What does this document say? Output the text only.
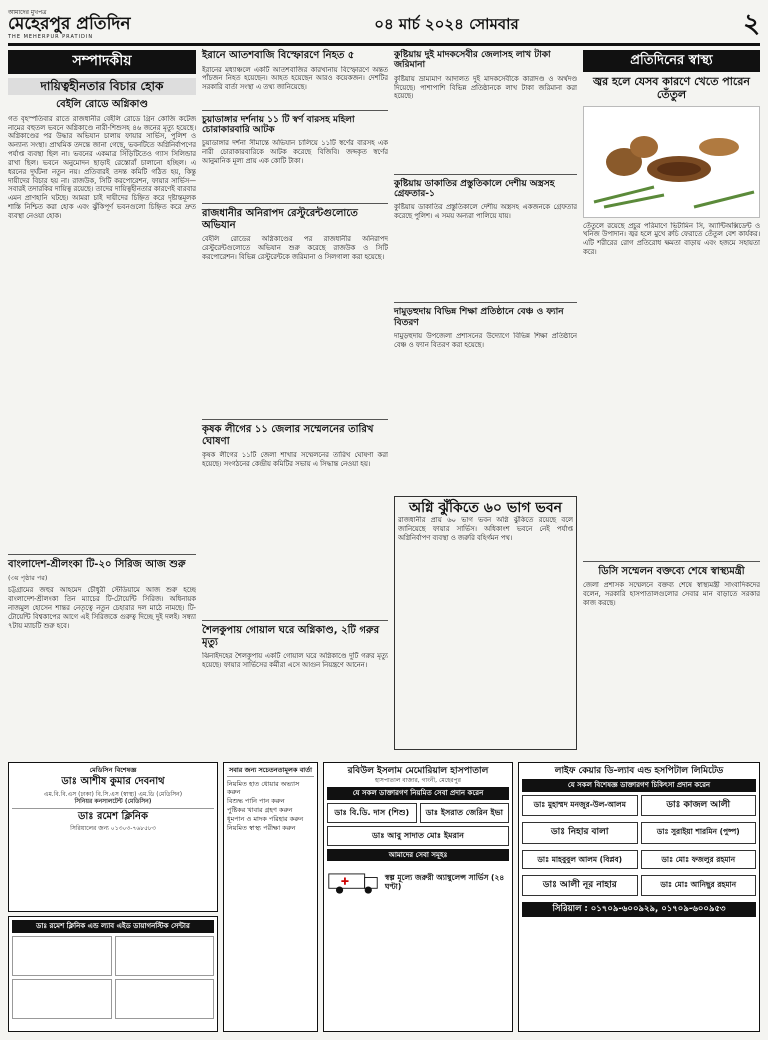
আমাদের মুখপত্র
মেহেরপুর প্রতিদিন
THE MEHERPUR PRATIDIN
০৪ মার্চ ২০২৪ সোমবার	২
সম্পাদকীয়
দায়িত্বহীনতার বিচার হোক
বেইলি রোডে অগ্নিকাণ্ড
গত বৃহস্পতিবার রাতে রাজধানীর বেইলি রোডে গ্রিন কোজি কটেজ নামের বহুতল ভবনে অগ্নিকাণ্ডে নারী-শিশুসহ ৪৬ জনের মৃত্যু হয়েছে। অগ্নিকাণ্ডের পর উদ্ধার অভিযান চালায় ফায়ার সার্ভিস, পুলিশ ও অন্যান্য সংস্থা। প্রাথমিক তদন্তে জানা গেছে, ভবনটিতে অগ্নিনির্বাপণের পর্যাপ্ত ব্যবস্থা ছিল না। ভবনের একমাত্র সিঁড়িটিতেও গ্যাস সিলিন্ডার রাখা ছিল। ভবনে অনুমোদন ছাড়াই রেস্তোরাঁ চালানো হচ্ছিল। এ ধরনের দুর্ঘটনা নতুন নয়। প্রতিবারই তদন্ত কমিটি গঠিত হয়, কিন্তু দায়ীদের বিচার হয় না। রাজউক, সিটি করপোরেশন, ফায়ার সার্ভিস—সবারই তদারকির দায়িত্ব রয়েছে। তাদের দায়িত্বহীনতার কারণেই বারবার এমন প্রাণহানি ঘটছে। আমরা চাই দায়ীদের চিহ্নিত করে দৃষ্টান্তমূলক শাস্তি নিশ্চিত করা হোক এবং ঝুঁকিপূর্ণ ভবনগুলো চিহ্নিত করে দ্রুত ব্যবস্থা নেওয়া হোক।
বাংলাদেশ-শ্রীলংকা টি-২০ সিরিজ আজ শুরু
(৩য় পৃষ্ঠার পর)
চট্টগ্রামের জহুর আহমেদ চৌধুরী স্টেডিয়ামে আজ শুরু হচ্ছে বাংলাদেশ-শ্রীলংকা তিন ম্যাচের টি-টোয়েন্টি সিরিজ। অধিনায়ক নাজমুল হোসেন শান্তর নেতৃত্বে নতুন চেহারার দল মাঠে নামছে। টি-টোয়েন্টি বিশ্বকাপের আগে এই সিরিজকে গুরুত্ব দিচ্ছে দুই দলই। সন্ধ্যা ৭টায় ম্যাচটি শুরু হবে।
ইরানে আতশবাজি বিস্ফোরণে নিহত ৫
ইরানের মধ্যাঞ্চলে একটি আতশবাজির কারখানায় বিস্ফোরণে অন্তত পাঁচজন নিহত হয়েছেন। আহত হয়েছেন আরও কয়েকজন। দেশটির সরকারি বার্তা সংস্থা এ তথ্য জানিয়েছে।
চুয়াডাঙ্গার দর্শনায় ১১ টি স্বর্ণ বারসহ মহিলা চোরাকারবারি আটক
চুয়াডাঙ্গার দর্শনা সীমান্তে অভিযান চালিয়ে ১১টি স্বর্ণের বারসহ এক নারী চোরাকারবারিকে আটক করেছে বিজিবি। জব্দকৃত স্বর্ণের আনুমানিক মূল্য প্রায় এক কোটি টাকা।
রাজধানীর অনিরাপদ রেস্টুরেন্টগুলোতে অভিযান
বেইলি রোডের অগ্নিকাণ্ডের পর রাজধানীর অনিরাপদ রেস্টুরেন্টগুলোতে অভিযান শুরু করেছে রাজউক ও সিটি করপোরেশন। বিভিন্ন রেস্টুরেন্টকে জরিমানা ও সিলগালা করা হয়েছে।
কৃষক লীগের ১১ জেলার সম্মেলনের তারিখ ঘোষণা
কৃষক লীগের ১১টি জেলা শাখার সম্মেলনের তারিখ ঘোষণা করা হয়েছে। সংগঠনের কেন্দ্রীয় কমিটির সভায় এ সিদ্ধান্ত নেওয়া হয়।
শৈলকুপায় গোয়াল ঘরে অগ্নিকাণ্ড, ২টি গরুর মৃত্যু
ঝিনাইদহের শৈলকুপায় একটি গোয়াল ঘরে অগ্নিকাণ্ডে দুটি গরুর মৃত্যু হয়েছে। ফায়ার সার্ভিসের কর্মীরা এসে আগুন নিয়ন্ত্রণে আনেন।
কুষ্টিয়ায় দুই মাদকসেবীর জেলাসহ লাখ টাকা জরিমানা
কুষ্টিয়ায় ভ্রাম্যমাণ আদালত দুই মাদকসেবীকে কারাদণ্ড ও অর্থদণ্ড দিয়েছে। পাশাপাশি বিভিন্ন প্রতিষ্ঠানকে লাখ টাকা জরিমানা করা হয়েছে।
কুষ্টিয়ায় ডাকাতির প্রস্তুতিকালে দেশীয় অস্ত্রসহ গ্রেফতার-১
কুষ্টিয়ায় ডাকাতির প্রস্তুতিকালে দেশীয় অস্ত্রসহ একজনকে গ্রেফতার করেছে পুলিশ। এ সময় অন্যরা পালিয়ে যায়।
দামুড়হুদায় বিভিন্ন শিক্ষা প্রতিষ্ঠানে বেঞ্চ ও ফ্যান বিতরণ
দামুড়হুদায় উপজেলা প্রশাসনের উদ্যোগে বিভিন্ন শিক্ষা প্রতিষ্ঠানে বেঞ্চ ও ফ্যান বিতরণ করা হয়েছে।
অগ্নি ঝুঁকিতে ৬০ ভাগ ভবন
রাজধানীর প্রায় ৬০ ভাগ ভবন অগ্নি ঝুঁকিতে রয়েছে বলে জানিয়েছে ফায়ার সার্ভিস। অধিকাংশ ভবনে নেই পর্যাপ্ত অগ্নিনির্বাপণ ব্যবস্থা ও জরুরি বহির্গমন পথ।
প্রতিদিনের স্বাস্থ্য
জ্বর হলে যেসব কারণে খেতে পারেন তেঁতুল
তেঁতুলে রয়েছে প্রচুর পরিমাণে ভিটামিন সি, অ্যান্টিঅক্সিডেন্ট ও খনিজ উপাদান। জ্বর হলে মুখে রুচি ফেরাতে তেঁতুল বেশ কার্যকর। এটি শরীরের রোগ প্রতিরোধ ক্ষমতা বাড়ায় এবং হজমে সহায়তা করে।
ডিসি সম্মেলন বক্তব্যে শেষে স্বাস্থ্যমন্ত্রী
জেলা প্রশাসক সম্মেলনে বক্তব্য শেষে স্বাস্থ্যমন্ত্রী সাংবাদিকদের বলেন, সরকারি হাসপাতালগুলোর সেবার মান বাড়াতে সরকার কাজ করছে।
মেডিসিন বিশেষজ্ঞ
ডাঃ আশীষ কুমার দেবনাথ
এম.বি.বি.এস (ঢাকা) বি.সি.এস (স্বাস্থ্য) এম.ডি (মেডিসিন)
সিনিয়র কনসালটেন্ট (মেডিসিন)
ডাঃ রমেশ ক্লিনিক
সিরিয়ালের জন্য ০১৩০৩-৭৬৮৫৮৩
ডাঃ রমেশ ক্লিনিক এন্ড ল্যাব এইড ডায়াগনস্টিক সেন্টার
সবার জন্য সচেতনতামূলক বার্তা
নিয়মিত হাত ধোয়ার অভ্যাস করুন
বিশুদ্ধ পানি পান করুন
পুষ্টিকর খাবার গ্রহণ করুন
ধূমপান ও মাদক পরিহার করুন
নিয়মিত স্বাস্থ্য পরীক্ষা করুন
রবিউল ইসলাম মেমোরিয়াল হাসপাতাল
হাসপাতাল বাজার, গাংনী, মেহেরপুর
যে সকল ডাক্তারগণ নিয়মিত সেবা প্রদান করেন
ডাঃ বি.ডি. দাস (শিশু)	ডাঃ ইসরাত জেরিন ইভা
ডাঃ আবু সাদাত মোঃ ইমরান
আমাদের সেবা সমূহঃ
স্বল্প মূল্যে জরুরী অ্যাম্বুলেন্স সার্ভিস (২৪ ঘণ্টা)
লাইফ কেয়ার ডি-ল্যাব এন্ড হসপিটাল লিমিটেড
যে সকল বিশেষজ্ঞ ডাক্তারগণ চিকিৎসা প্রদান করেন
ডাঃ মুহাম্মদ মনজুর-উল-আলম	ডাঃ কাজল আলী
ডাঃ নিহার বালা	ডাঃ সুরাইয়া শারমিন (পুষ্প)
ডাঃ মাহবুবুল আলম (বিপ্লব)	ডাঃ মোঃ ফজলুর রহমান
ডাঃ আলী নূর নাহার	ডাঃ মোঃ আনিছুর রহমান
সিরিয়াল : ০১৭০৯-৬০০৯২৯, ০১৭০৯-৬০০৯৫৩
